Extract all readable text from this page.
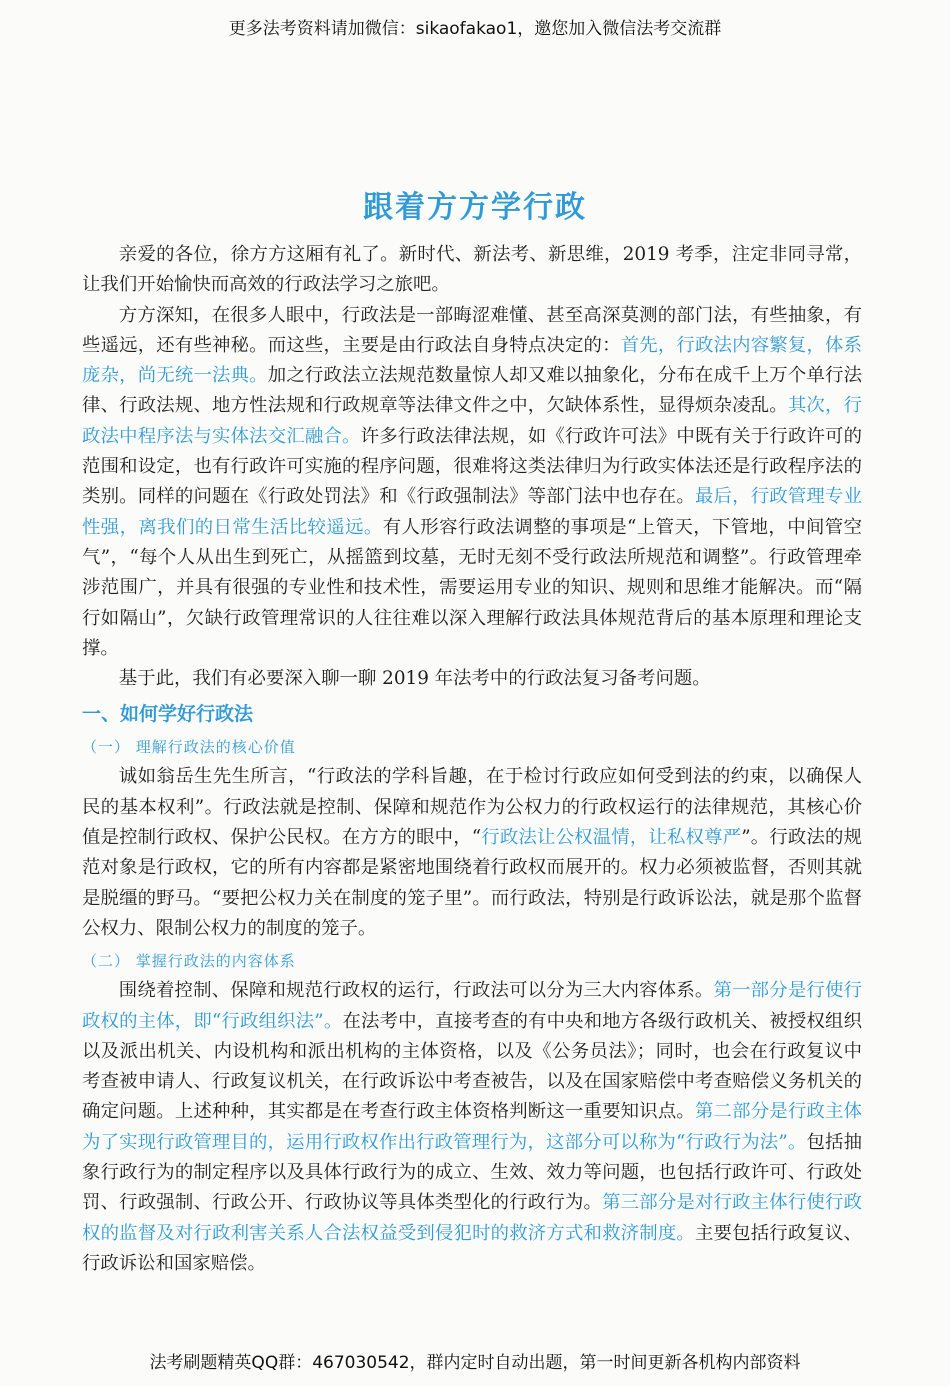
更多法考资料请加微信：sikaofakao1，邀您加入微信法考交流群
跟着方方学行政

亲爱的各位，徐方方这厢有礼了。新时代、新法考、新思维，2019 考季，注定非同寻常，让我们开始愉快而高效的行政法学习之旅吧。

方方深知，在很多人眼中，行政法是一部晦涩难懂、甚至高深莫测的部门法，有些抽象，有些遥远，还有些神秘。而这些，主要是由行政法自身特点决定的：首先，行政法内容繁复，体系庞杂，尚无统一法典。加之行政法立法规范数量惊人却又难以抽象化，分布在成千上万个单行法律、行政法规、地方性法规和行政规章等法律文件之中，欠缺体系性，显得烦杂凌乱。其次，行政法中程序法与实体法交汇融合。许多行政法律法规，如《行政许可法》中既有关于行政许可的范围和设定，也有行政许可实施的程序问题，很难将这类法律归为行政实体法还是行政程序法的类别。同样的问题在《行政处罚法》和《行政强制法》等部门法中也存在。最后，行政管理专业性强，离我们的日常生活比较遥远。有人形容行政法调整的事项是“上管天，下管地，中间管空气”，“每个人从出生到死亡，从摇篮到坟墓，无时无刻不受行政法所规范和调整”。行政管理牵涉范围广，并具有很强的专业性和技术性，需要运用专业的知识、规则和思维才能解决。而“隔行如隔山”，欠缺行政管理常识的人往往难以深入理解行政法具体规范背后的基本原理和理论支撑。

基于此，我们有必要深入聊一聊 2019 年法考中的行政法复习备考问题。

一、如何学好行政法
（一） 理解行政法的核心价值

诚如翁岳生先生所言，“行政法的学科旨趣，在于检讨行政应如何受到法的约束，以确保人民的基本权利”。行政法就是控制、保障和规范作为公权力的行政权运行的法律规范，其核心价值是控制行政权、保护公民权。在方方的眼中，“行政法让公权温情，让私权尊严”。行政法的规范对象是行政权，它的所有内容都是紧密地围绕着行政权而展开的。权力必须被监督，否则其就是脱缰的野马。“要把公权力关在制度的笼子里”。而行政法，特别是行政诉讼法，就是那个监督公权力、限制公权力的制度的笼子。

（二） 掌握行政法的内容体系

围绕着控制、保障和规范行政权的运行，行政法可以分为三大内容体系。第一部分是行使行政权的主体，即“行政组织法”。在法考中，直接考查的有中央和地方各级行政机关、被授权组织以及派出机关、内设机构和派出机构的主体资格，以及《公务员法》；同时，也会在行政复议中考查被申请人、行政复议机关，在行政诉讼中考查被告，以及在国家赔偿中考查赔偿义务机关的确定问题。上述种种，其实都是在考查行政主体资格判断这一重要知识点。第二部分是行政主体为了实现行政管理目的，运用行政权作出行政管理行为，这部分可以称为“行政行为法”。包括抽象行政行为的制定程序以及具体行政行为的成立、生效、效力等问题，也包括行政许可、行政处罚、行政强制、行政公开、行政协议等具体类型化的行政行为。第三部分是对行政主体行使行政权的监督及对行政利害关系人合法权益受到侵犯时的救济方式和救济制度。主要包括行政复议、行政诉讼和国家赔偿。

法考刷题精英QQ群：467030542，群内定时自动出题，第一时间更新各机构内部资料
